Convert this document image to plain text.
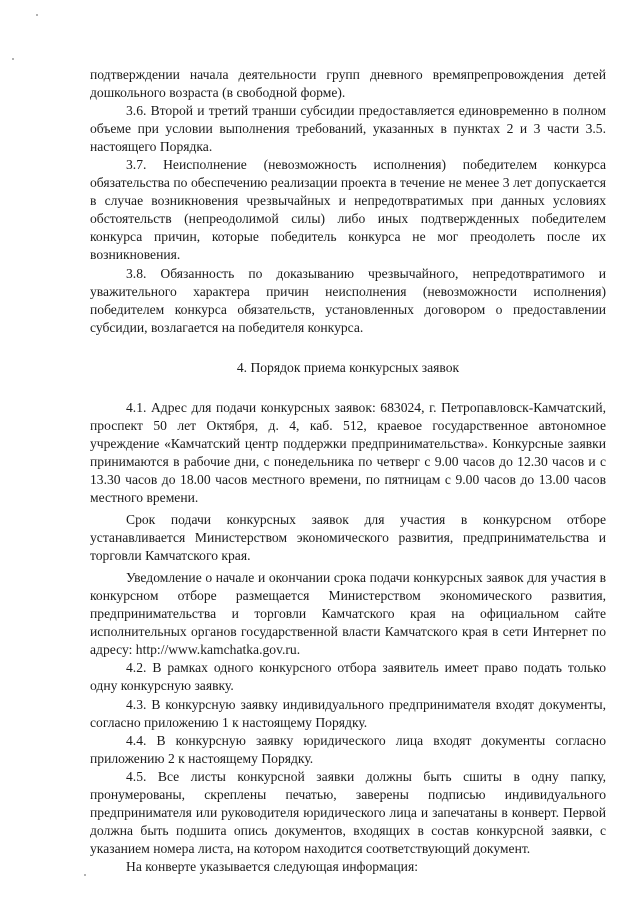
подтверждении начала деятельности групп дневного времяпрепровождения детей дошкольного возраста (в свободной форме).

3.6. Второй и третий транши субсидии предоставляется единовременно в полном объеме при условии выполнения требований, указанных в пунктах 2 и 3 части 3.5. настоящего Порядка.

3.7. Неисполнение (невозможность исполнения) победителем конкурса обязательства по обеспечению реализации проекта в течение не менее 3 лет допускается в случае возникновения чрезвычайных и непредотвратимых при данных условиях обстоятельств (непреодолимой силы) либо иных подтвержденных победителем конкурса причин, которые победитель конкурса не мог преодолеть после их возникновения.

3.8. Обязанность по доказыванию чрезвычайного, непредотвратимого и уважительного характера причин неисполнения (невозможности исполнения) победителем конкурса обязательств, установленных договором о предоставлении субсидии, возлагается на победителя конкурса.

4. Порядок приема конкурсных заявок

4.1. Адрес для подачи конкурсных заявок: 683024, г. Петропавловск-Камчатский, проспект 50 лет Октября, д. 4, каб. 512, краевое государственное автономное учреждение «Камчатский центр поддержки предпринимательства». Конкурсные заявки принимаются в рабочие дни, с понедельника по четверг с 9.00 часов до 12.30 часов и с 13.30 часов до 18.00 часов местного времени, по пятницам с 9.00 часов до 13.00 часов местного времени.

Срок подачи конкурсных заявок для участия в конкурсном отборе устанавливается Министерством экономического развития, предпринимательства и торговли Камчатского края.

Уведомление о начале и окончании срока подачи конкурсных заявок для участия в конкурсном отборе размещается Министерством экономического развития, предпринимательства и торговли Камчатского края на официальном сайте исполнительных органов государственной власти Камчатского края в сети Интернет по адресу: http://www.kamchatka.gov.ru.

4.2. В рамках одного конкурсного отбора заявитель имеет право подать только одну конкурсную заявку.

4.3. В конкурсную заявку индивидуального предпринимателя входят документы, согласно приложению 1 к настоящему Порядку.

4.4. В конкурсную заявку юридического лица входят документы согласно приложению 2 к настоящему Порядку.

4.5. Все листы конкурсной заявки должны быть сшиты в одну папку, пронумерованы, скреплены печатью, заверены подписью индивидуального предпринимателя или руководителя юридического лица и запечатаны в конверт. Первой должна быть подшита опись документов, входящих в состав конкурсной заявки, с указанием номера листа, на котором находится соответствующий документ.

На конверте указывается следующая информация:
